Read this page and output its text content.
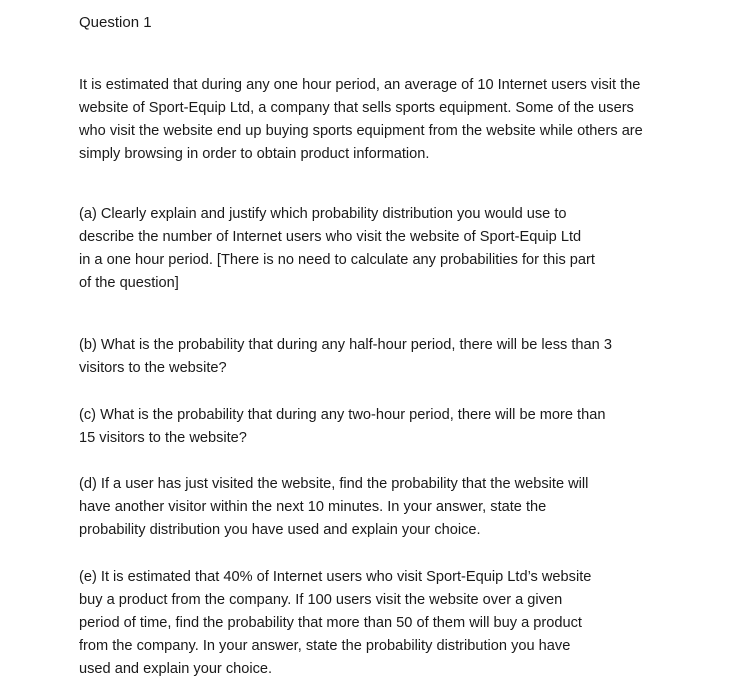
Question 1

It is estimated that during any one hour period, an average of 10 Internet users visit the
website of Sport-Equip Ltd, a company that sells sports equipment. Some of the users
who visit the website end up buying sports equipment from the website while others are
simply browsing in order to obtain product information.

(a) Clearly explain and justify which probability distribution you would use to
describe the number of Internet users who visit the website of Sport-Equip Ltd
in a one hour period. [There is no need to calculate any probabilities for this part
of the question]

(b) What is the probability that during any half-hour period, there will be less than 3
visitors to the website?

(c) What is the probability that during any two-hour period, there will be more than
15 visitors to the website?

(d) If a user has just visited the website, find the probability that the website will
have another visitor within the next 10 minutes. In your answer, state the
probability distribution you have used and explain your choice.

(e) It is estimated that 40% of Internet users who visit Sport-Equip Ltd’s website
buy a product from the company. If 100 users visit the website over a given
period of time, find the probability that more than 50 of them will buy a product
from the company. In your answer, state the probability distribution you have
used and explain your choice.
